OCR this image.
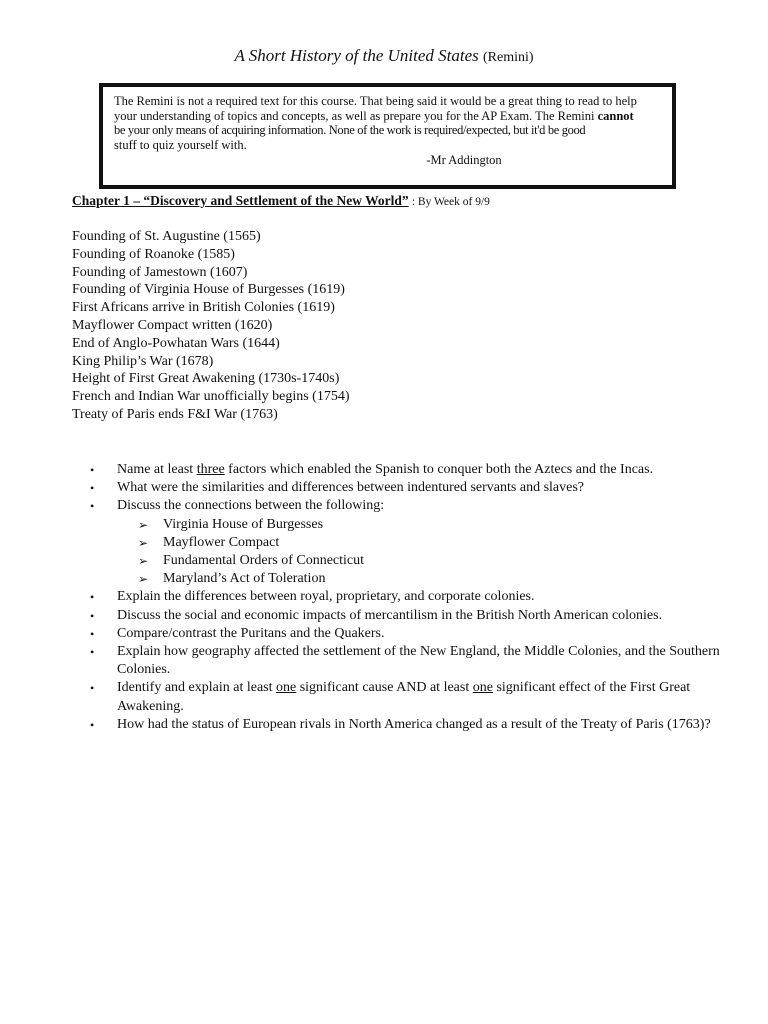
A Short History of the United States (Remini)
The Remini is not a required text for this course. That being said it would be a great thing to read to help
your understanding of topics and concepts, as well as prepare you for the AP Exam. The Remini cannot
be your only means of acquiring information. None of the work is required/expected, but it'd be good
stuff to quiz yourself with.
-Mr Addington
Chapter 1 – “Discovery and Settlement of the New World” : By Week of 9/9
Founding of St. Augustine (1565)
Founding of Roanoke (1585)
Founding of Jamestown (1607)
Founding of Virginia House of Burgesses (1619)
First Africans arrive in British Colonies (1619)
Mayflower Compact written (1620)
End of Anglo-Powhatan Wars (1644)
King Philip’s War (1678)
Height of First Great Awakening (1730s-1740s)
French and Indian War unofficially begins (1754)
Treaty of Paris ends F&I War (1763)
• Name at least three factors which enabled the Spanish to conquer both the Aztecs and the Incas.
• What were the similarities and differences between indentured servants and slaves?
• Discuss the connections between the following:
➢ Virginia House of Burgesses
➢ Mayflower Compact
➢ Fundamental Orders of Connecticut
➢ Maryland’s Act of Toleration
• Explain the differences between royal, proprietary, and corporate colonies.
• Discuss the social and economic impacts of mercantilism in the British North American colonies.
• Compare/contrast the Puritans and the Quakers.
• Explain how geography affected the settlement of the New England, the Middle Colonies, and the Southern Colonies.
• Identify and explain at least one significant cause AND at least one significant effect of the First Great Awakening.
• How had the status of European rivals in North America changed as a result of the Treaty of Paris (1763)?
